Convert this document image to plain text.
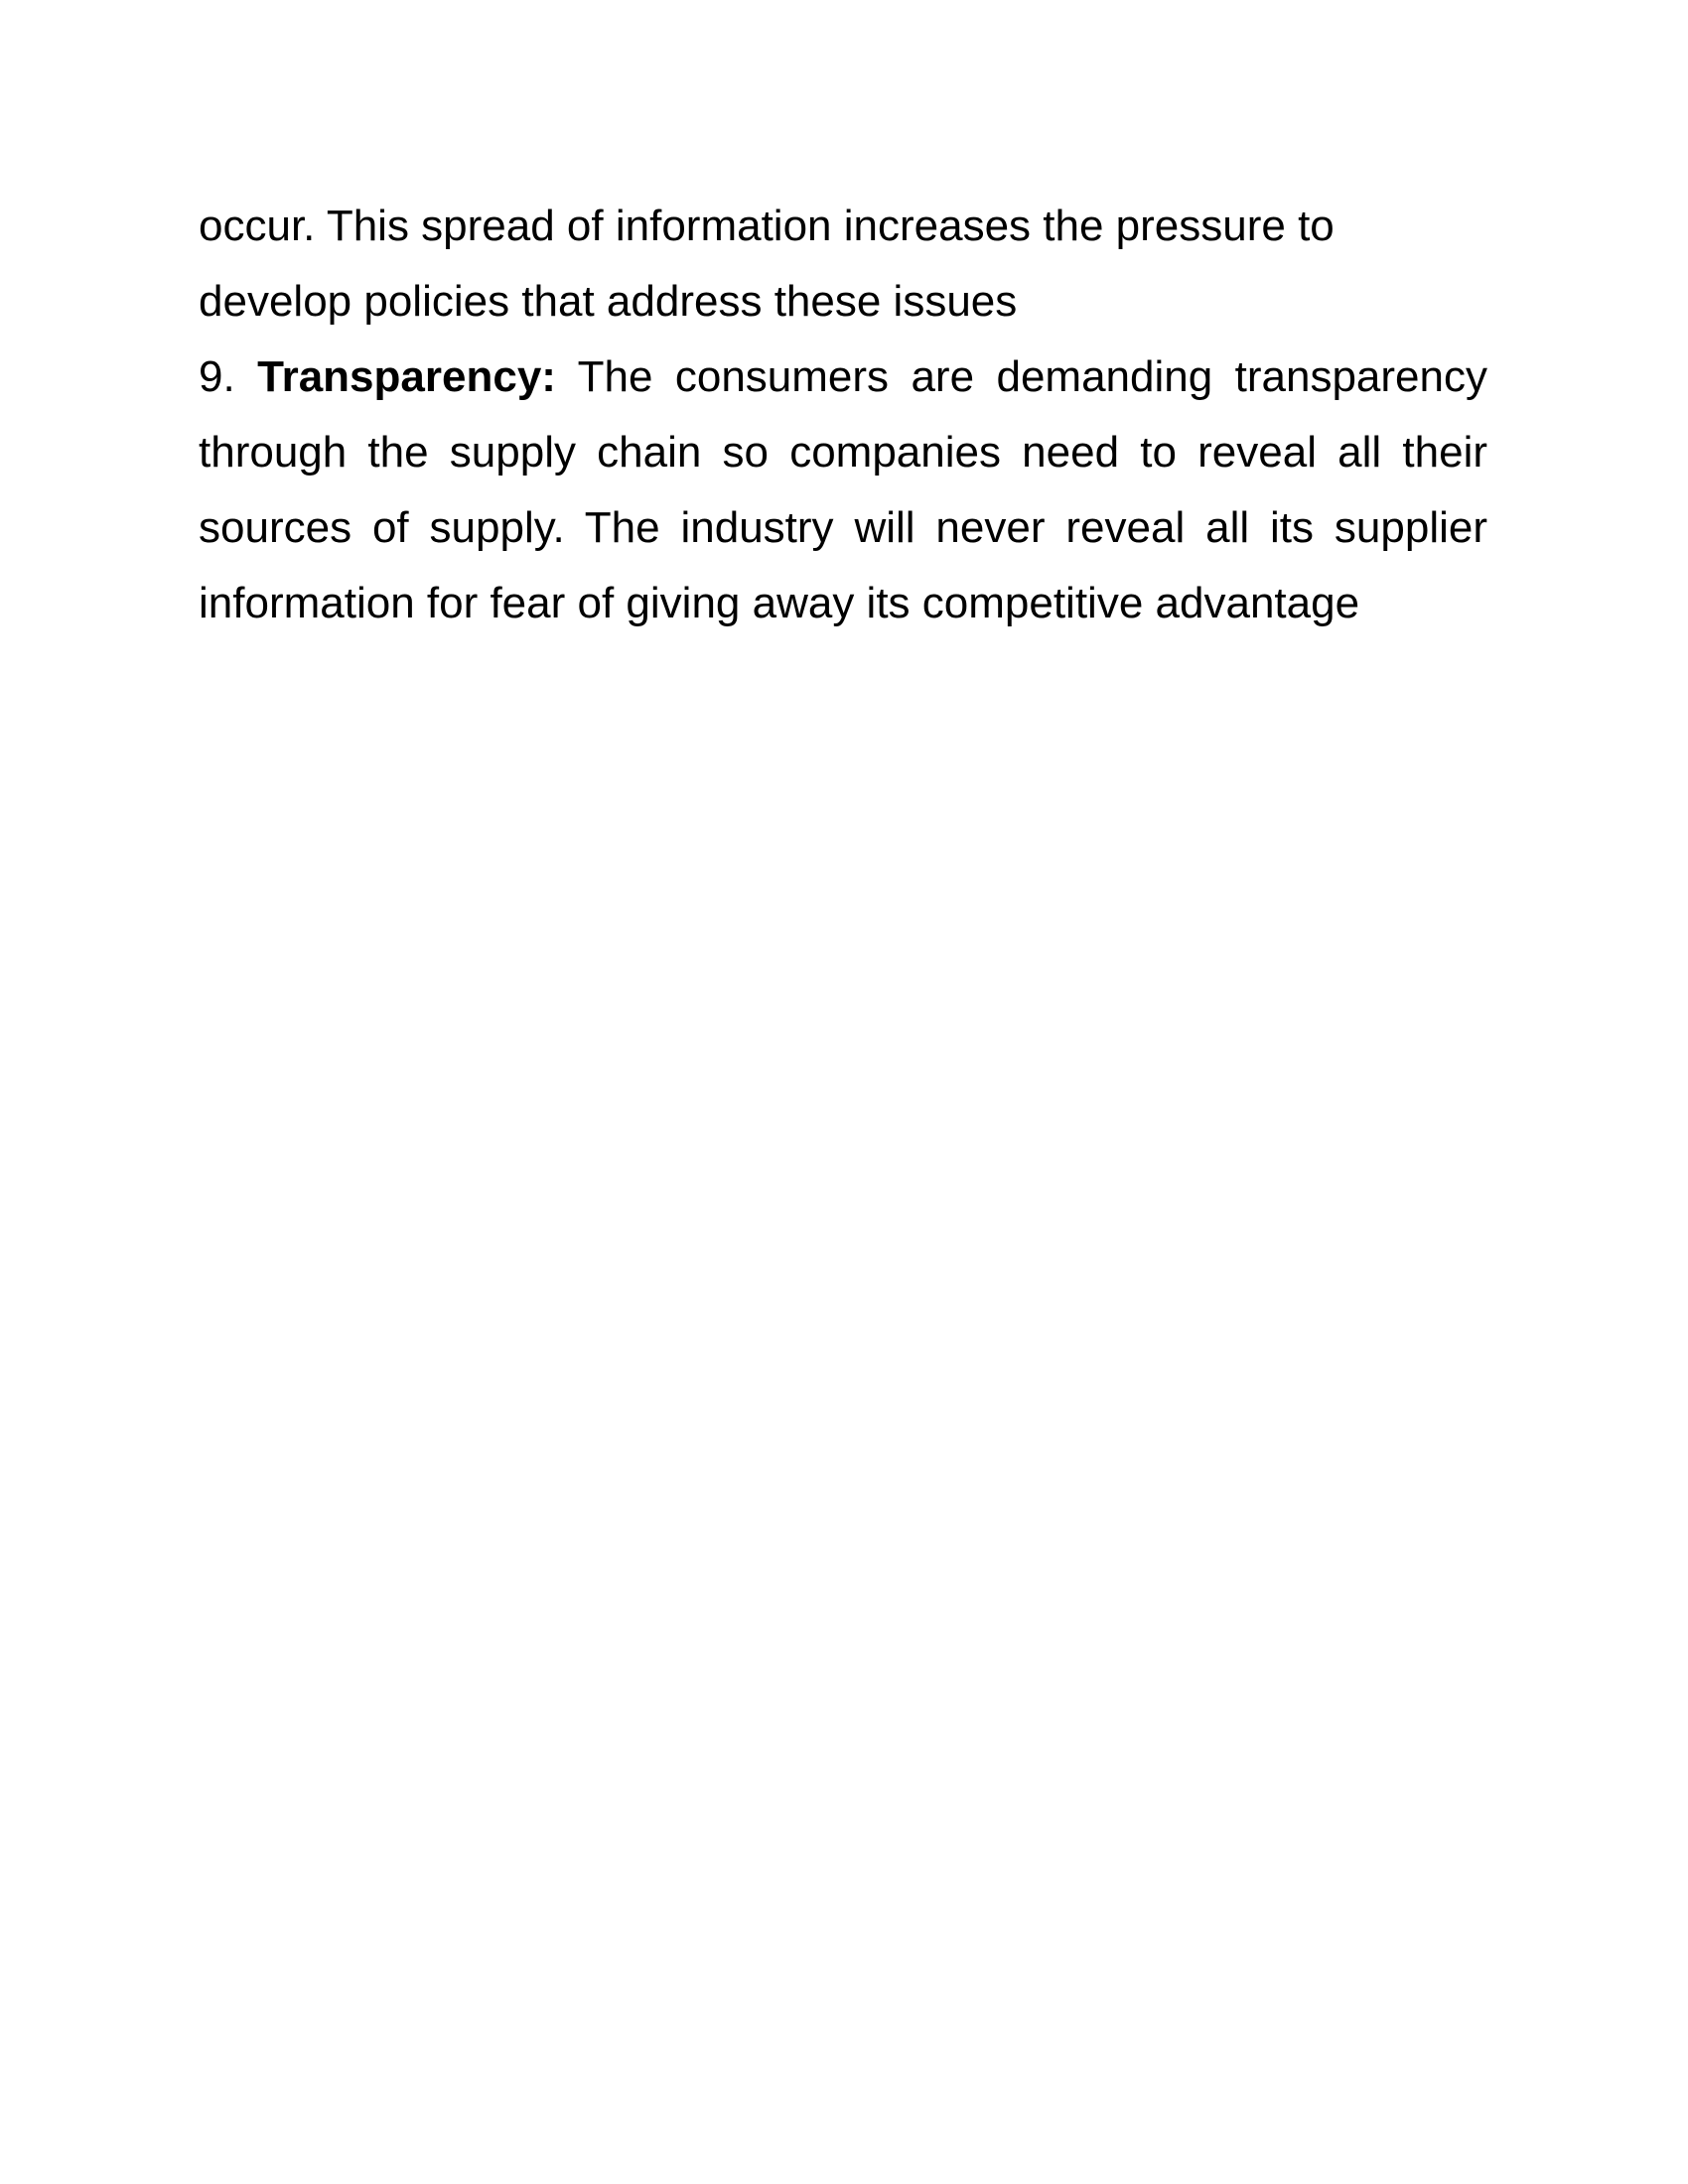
occur. This spread of information increases the pressure to
develop policies that address these issues
9. Transparency: The consumers are demanding transparency
through the supply chain so companies need to reveal all their
sources of supply. The industry will never reveal all its supplier
information for fear of giving away its competitive advantage
